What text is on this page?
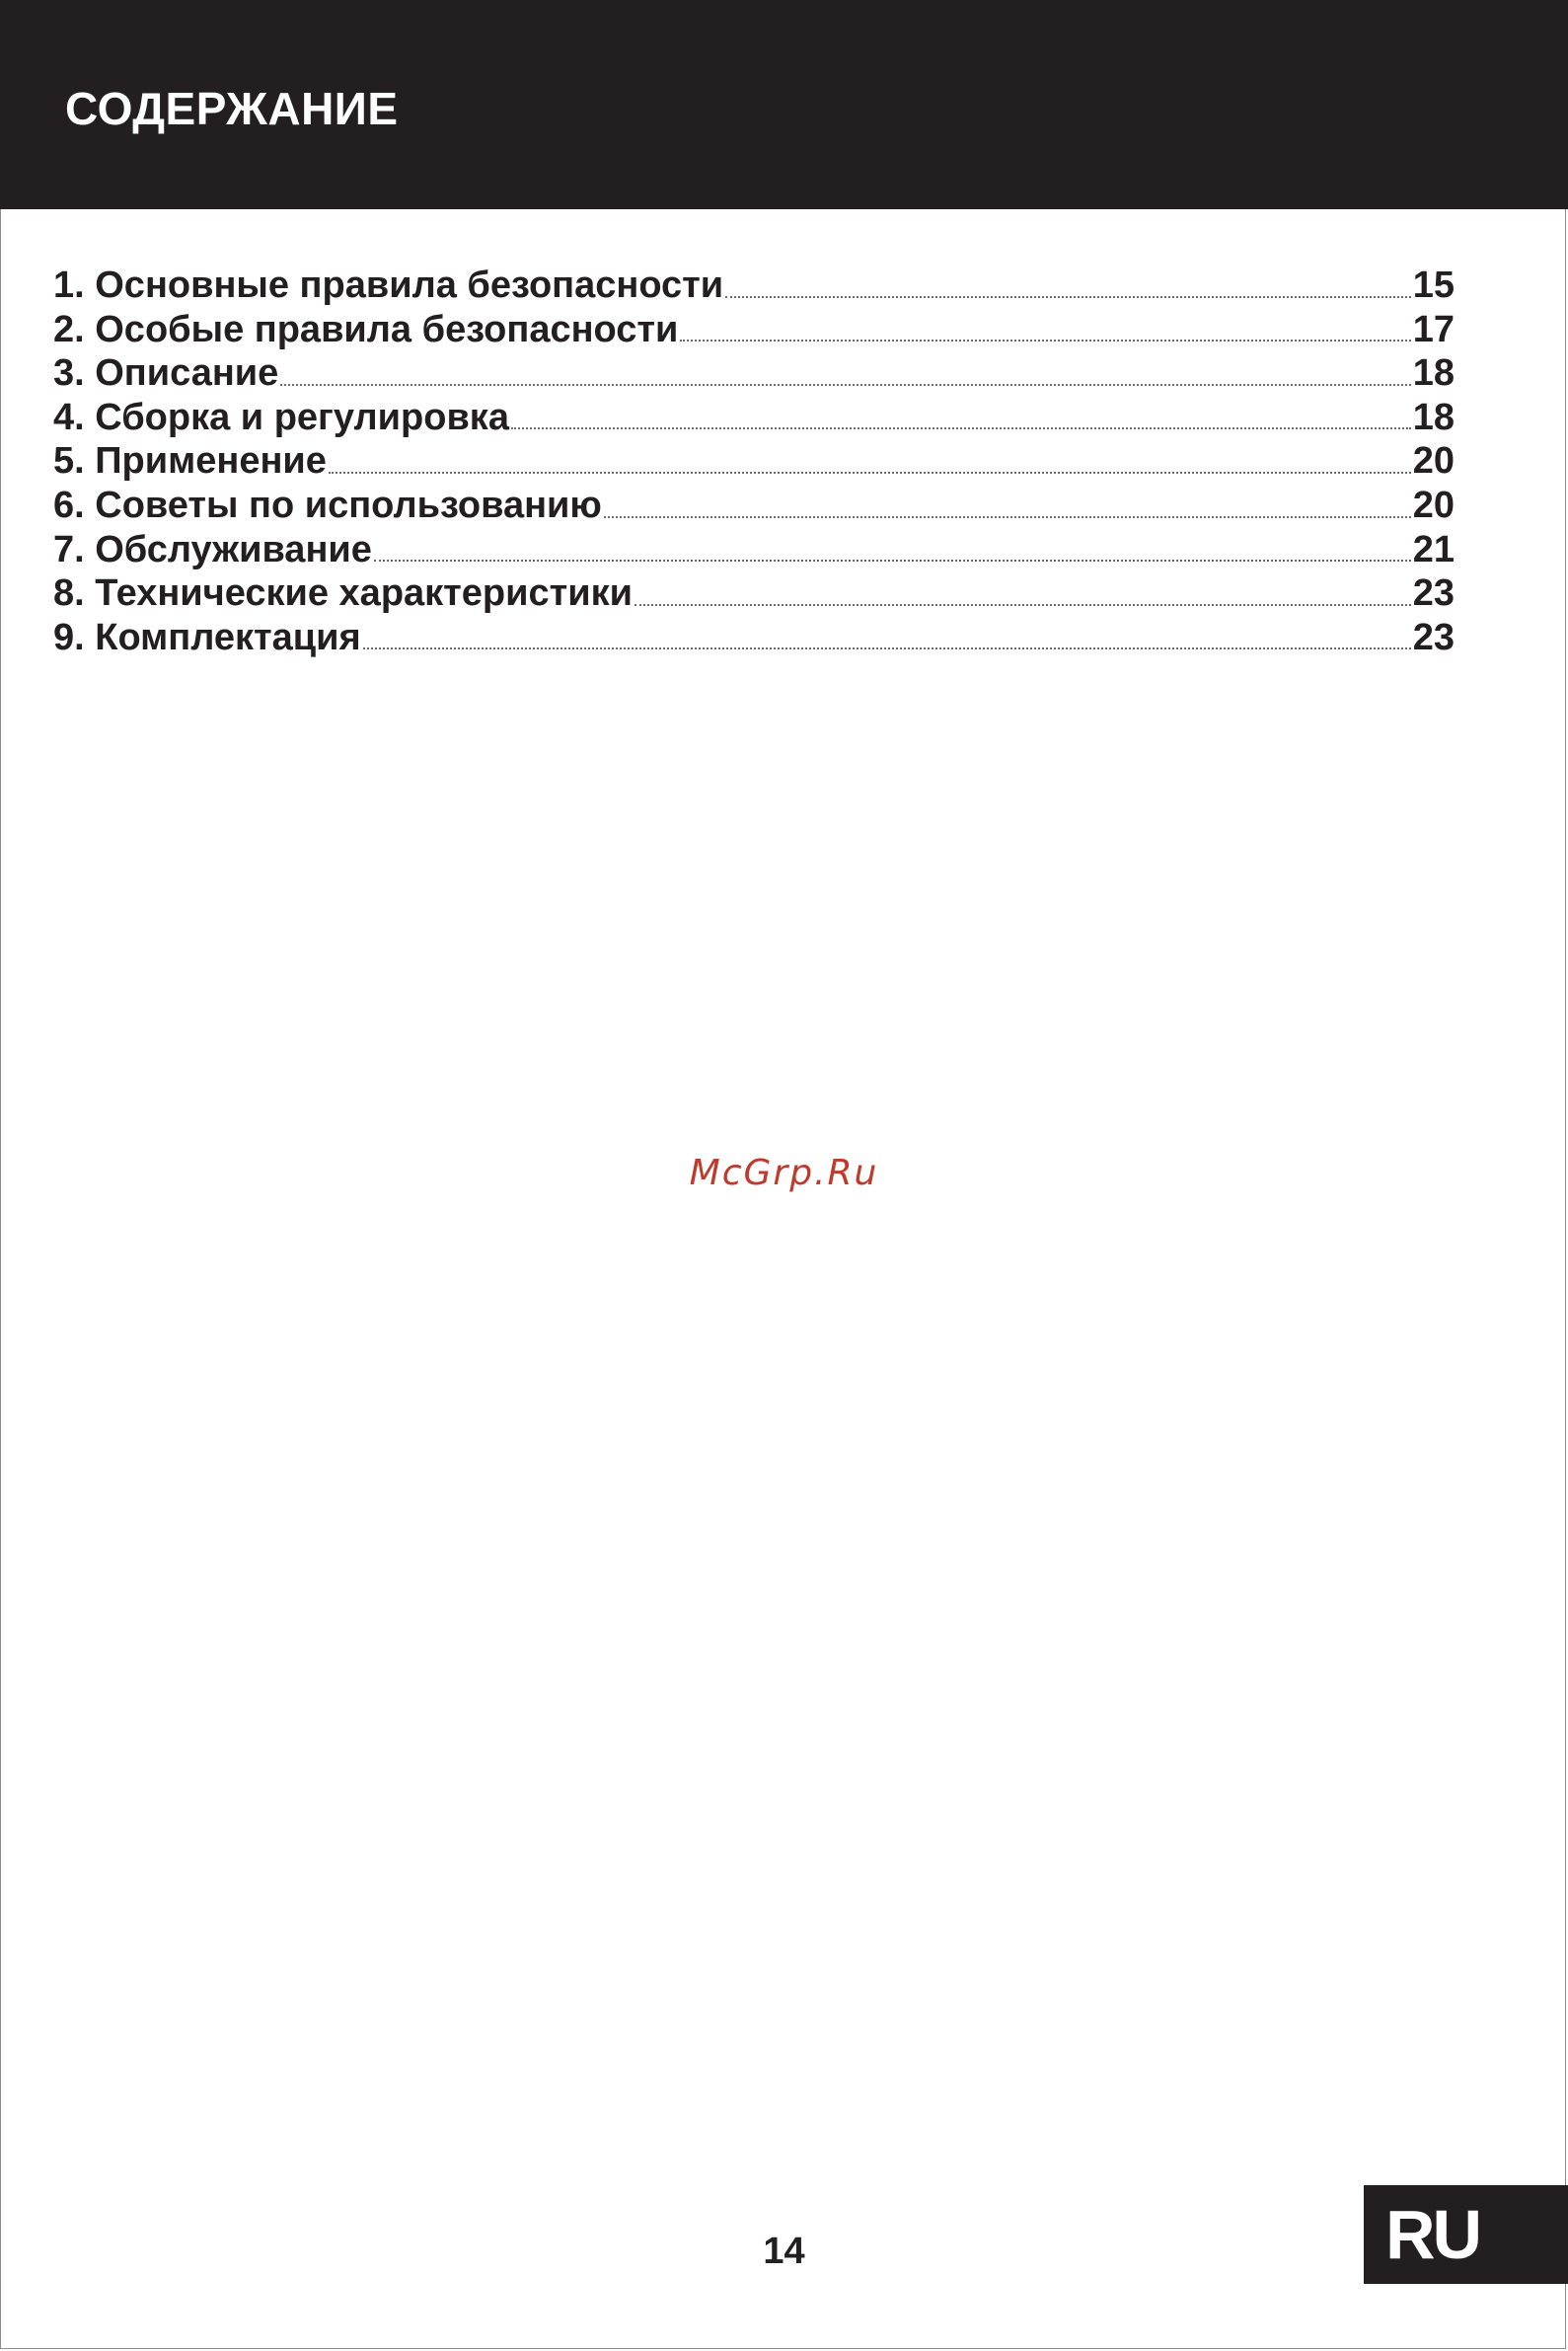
СОДЕРЖАНИЕ
1. Основные правила безопасности	15
2. Особые правила безопасности	17
3. Описание	18
4. Сборка и регулировка	18
5. Применение	20
6. Советы по использованию	20
7. Обслуживание	21
8. Технические характеристики	23
9. Комплектация	23
McGrp.Ru
14	RU
